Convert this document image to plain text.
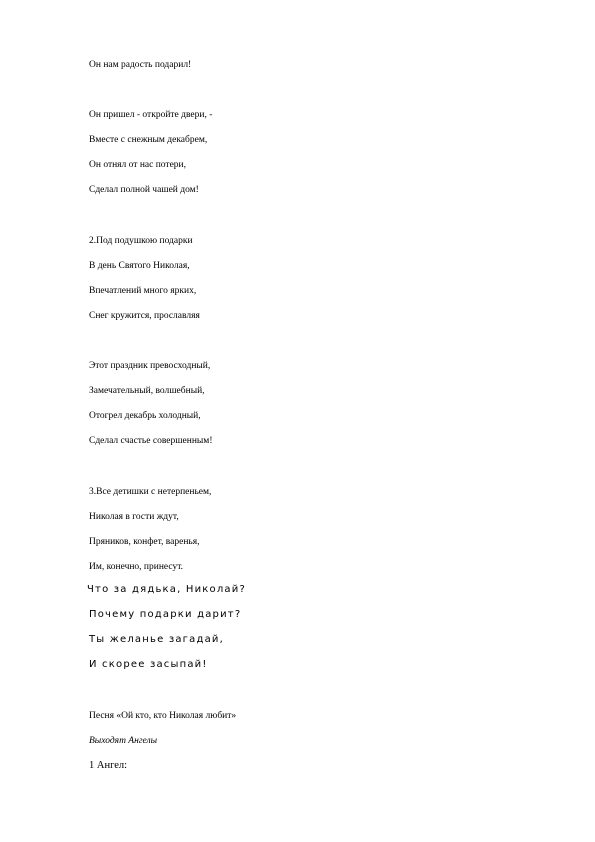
Он нам радость подарил!
Он пришел - откройте двери, -
Вместе с снежным декабрем,
Он отнял от нас потери,
Сделал полной чашей дом!
2.Под подушкою подарки
В день Святого Николая,
Впечатлений много ярких,
Снег кружится, прославляя
Этот праздник превосходный,
Замечательный, волшебный,
Отогрел декабрь холодный,
Сделал счастье совершенным!
3.Все детишки с нетерпеньем,
Николая в гости ждут,
Пряников, конфет, варенья,
Им, конечно, принесут.
Что за дядька, Николай?
Почему подарки дарит?
Ты желанье загадай,
И скорее засыпай!
Песня «Ой кто, кто Николая любит»
Выходят Ангелы
1 Ангел:
